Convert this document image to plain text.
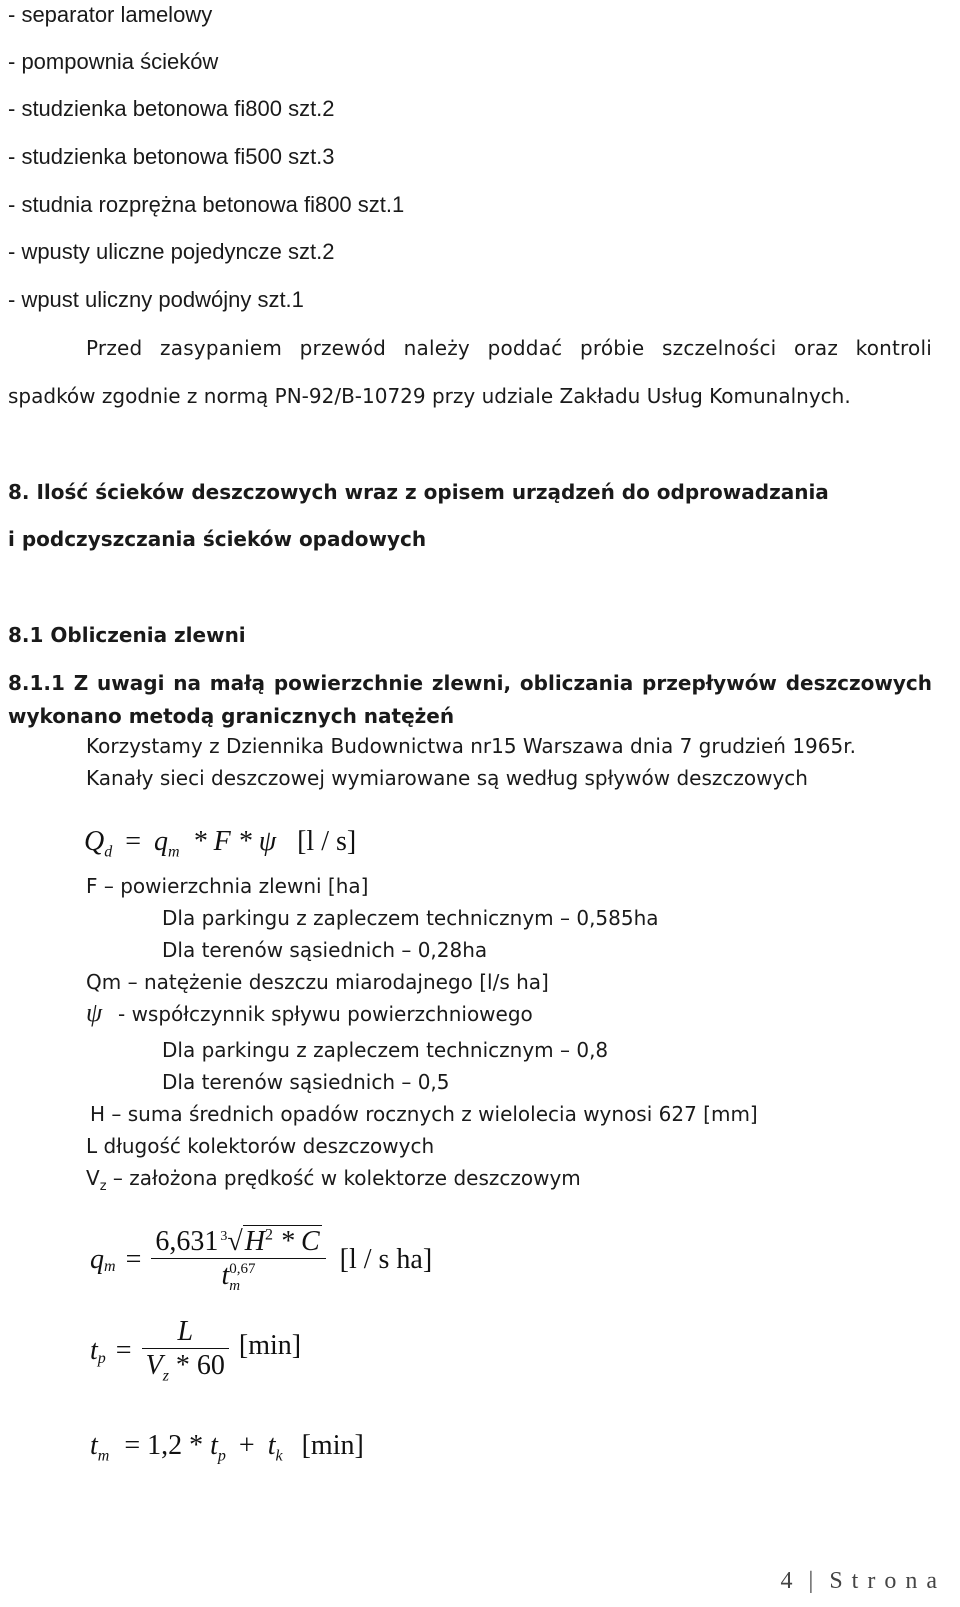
- separator lamelowy
- pompownia ścieków
- studzienka betonowa fi800 szt.2
- studzienka betonowa fi500 szt.3
- studnia rozprężna betonowa fi800 szt.1
- wpusty uliczne pojedyncze szt.2
- wpust uliczny podwójny szt.1
Przed zasypaniem przewód należy poddać próbie szczelności oraz kontroli
spadków zgodnie z normą PN-92/B-10729 przy udziale Zakładu Usług Komunalnych.
8. Ilość ścieków deszczowych wraz z opisem urządzeń do odprowadzania
i podczyszczania ścieków opadowych
8.1 Obliczenia zlewni
8.1.1 Z uwagi na małą powierzchnie zlewni, obliczania przepływów deszczowych
wykonano metodą granicznych natężeń
Korzystamy z Dziennika Budownictwa nr15 Warszawa dnia 7 grudzień 1965r.
Kanały sieci deszczowej wymiarowane są według spływów deszczowych
$Q_d = q_m * F * \psi$ [l / s]
F – powierzchnia zlewni [ha]
Dla parkingu z zapleczem technicznym – 0,585ha
Dla terenów sąsiednich – 0,28ha
Qm – natężenie deszczu miarodajnego [l/s ha]
ψ - współczynnik spływu powierzchniowego
Dla parkingu z zapleczem technicznym – 0,8
Dla terenów sąsiednich – 0,5
H – suma średnich opadów rocznych z wielolecia wynosi 627 [mm]
L długość kolektorów deszczowych
$V_z$ – założona prędkość w kolektorze deszczowym
$q_m = 6,631$ $^3√H^2$ * C
t 0,67
m [l / s ha]
$t_p = \frac{L}{V_z * 60} [\min]$
$t_m = 1,2 * t_p + t_k$ [min]
4 | Strona
